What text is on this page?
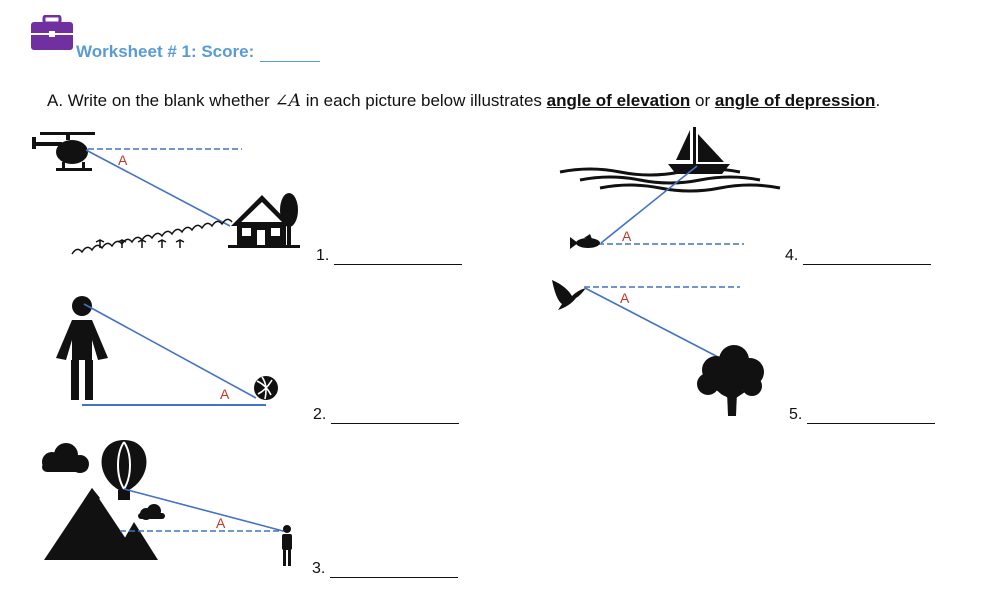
Worksheet # 1: Score:
A. Write on the blank whether ∠A in each picture below illustrates angle of elevation or angle of depression.
A
A
A
A
A
1.
2.
3.
4.
5.
